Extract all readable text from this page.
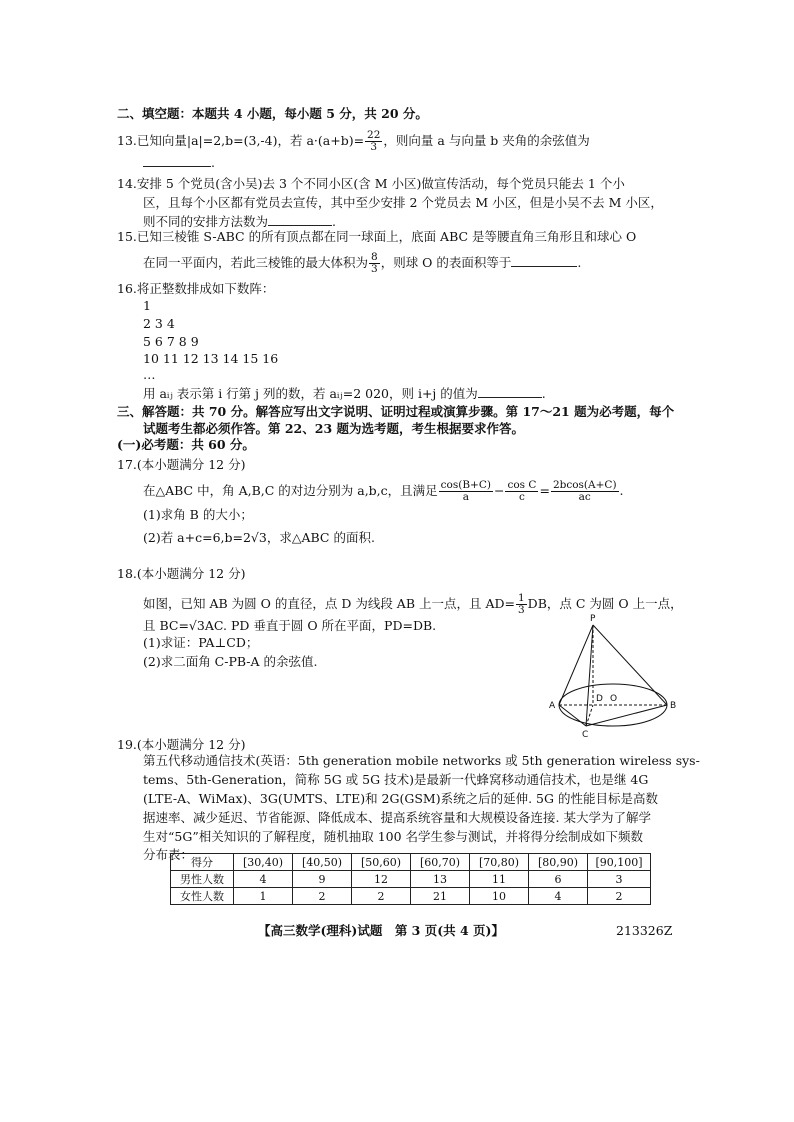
二、填空题：本题共 4 小题，每小题 5 分，共 20 分。
13.已知向量|a|=2,b=(3,-4)，若 $a\cdot(a+b)= \frac{22}{3}$ ，则向量 a 与向量 b 夹角的余弦值为
.
14.安排 5 个党员(含小吴)去 3 个不同小区(含 M 小区)做宣传活动，每个党员只能去 1 个小
区，且每个小区都有党员去宣传，其中至少安排 2 个党员去 M 小区，但是小吴不去 M 小区，
则不同的安排方法数为	.
15.已知三棱锥 S-ABC 的所有顶点都在同一球面上，底面 ABC 是等腰直角三角形且和球心 O
在同一平面内，若此三棱锥的最大体积为 $\frac{8}{3}$ ，则球 O 的表面积等于	.
16.将正整数排成如下数阵：
1
2 3 4
5 6 7 8 9
10 11 12 13 14 15 16
…
用 aᵢⱼ 表示第 i 行第 j 列的数，若 aᵢⱼ=2 020，则 i+j 的值为	.
三、解答题：共 70 分。解答应写出文字说明、证明过程或演算步骤。第 17～21 题为必考题，每个
试题考生都必须作答。第 22、23 题为选考题，考生根据要求作答。
(一)必考题：共 60 分。
17.(本小题满分 12 分)
在△ABC 中，角 A,B,C 的对边分别为 a,b,c，且满足 $\frac{\cos(B+C)}{a} - \frac{\text{cos C}}{c} = \frac{2bcos(A+C)}{ac}$ .
(1)求角 B 的大小；
(2)若 a+c=6,b=2√3，求△ABC 的面积.
18.(本小题满分 12 分)
如图，已知 AB 为圆 O 的直径，点 D 为线段 AB 上一点，且 $AD= \frac{1}{3}$ DB，点 C 为圆 O 上一点，
且 BC=√3AC. PD 垂直于圆 O 所在平面，PD=DB.
(1)求证：PA⊥CD；
(2)求二面角 C-PB-A 的余弦值.
P
A	B
C
D O
19.(本小题满分 12 分)
第五代移动通信技术(英语：5th generation mobile networks 或 5th generation wireless sys-
tems、5th-Generation，简称 5G 或 5G 技术)是最新一代蜂窝移动通信技术，也是继 4G
(LTE-A、WiMax)、3G(UMTS、LTE)和 2G(GSM)系统之后的延伸. 5G 的性能目标是高数
据速率、减少延迟、节省能源、降低成本、提高系统容量和大规模设备连接. 某大学为了解学
生对“5G”相关知识的了解程度，随机抽取 100 名学生参与测试，并将得分绘制成如下频数
分布表：
得分	[30,40)	[40,50)	[50,60)	[60,70)	[70,80)	[80,90)	[90,100]
男性人数	4	9	12	13	11	6	3
女性人数	1	2	2	21	10	4	2
【高三数学(理科)试题　第 3 页(共 4 页)】	213326Z
